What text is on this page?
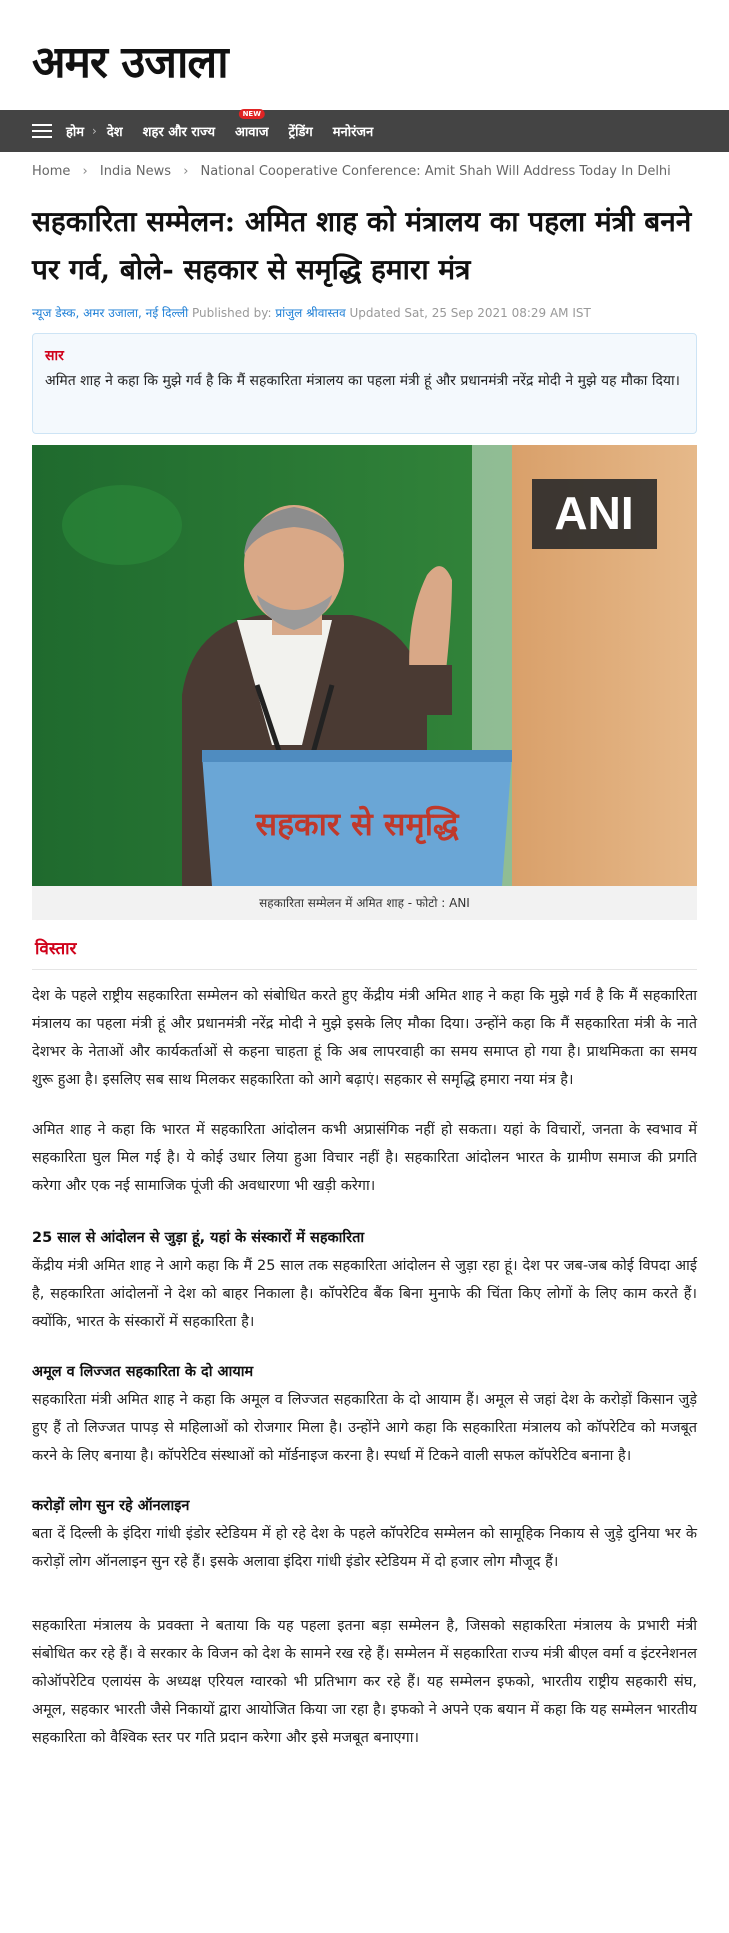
अमर उजाला
होम › देश शहर और राज्य
NEW
आवाज ट्रेंडिंग मनोरंजन
Home › India News › National Cooperative Conference: Amit Shah Will Address Today In Delhi
सहकारिता सम्मेलन: अमित शाह को मंत्रालय का पहला मंत्री बनने पर गर्व, बोले- सहकार से समृद्धि हमारा मंत्र
न्यूज डेस्क, अमर उजाला, नई दिल्ली Published by: प्रांजुल श्रीवास्तव Updated Sat, 25 Sep 2021 08:29 AM IST
सार
अमित शाह ने कहा कि मुझे गर्व है कि मैं सहकारिता मंत्रालय का पहला मंत्री हूं और प्रधानमंत्री नरेंद्र मोदी ने मुझे यह मौका दिया।
ANI
सहकार से समृद्धि
सहकारिता सम्मेलन में अमित शाह - फोटो : ANI
विस्तार

देश के पहले राष्ट्रीय सहकारिता सम्मेलन को संबोधित करते हुए केंद्रीय मंत्री अमित शाह ने कहा कि मुझे गर्व है कि मैं सहकारिता मंत्रालय का पहला मंत्री हूं और प्रधानमंत्री नरेंद्र मोदी ने मुझे इसके लिए मौका दिया। उन्होंने कहा कि मैं सहकारिता मंत्री के नाते देशभर के नेताओं और कार्यकर्ताओं से कहना चाहता हूं कि अब लापरवाही का समय समाप्त हो गया है। प्राथमिकता का समय शुरू हुआ है। इसलिए सब साथ मिलकर सहकारिता को आगे बढ़ाएं। सहकार से समृद्धि हमारा नया मंत्र है।

अमित शाह ने कहा कि भारत में सहकारिता आंदोलन कभी अप्रासंगिक नहीं हो सकता। यहां के विचारों, जनता के स्वभाव में सहकारिता घुल मिल गई है। ये कोई उधार लिया हुआ विचार नहीं है। सहकारिता आंदोलन भारत के ग्रामीण समाज की प्रगति करेगा और एक नई सामाजिक पूंजी की अवधारणा भी खड़ी करेगा।

25 साल से आंदोलन से जुड़ा हूं, यहां के संस्कारों में सहकारिता

केंद्रीय मंत्री अमित शाह ने आगे कहा कि मैं 25 साल तक सहकारिता आंदोलन से जुड़ा रहा हूं। देश पर जब-जब कोई विपदा आई है, सहकारिता आंदोलनों ने देश को बाहर निकाला है। कॉपरेटिव बैंक बिना मुनाफे की चिंता किए लोगों के लिए काम करते हैं। क्योंकि, भारत के संस्कारों में सहकारिता है।

अमूल व लिज्जत सहकारिता के दो आयाम

सहकारिता मंत्री अमित शाह ने कहा कि अमूल व लिज्जत सहकारिता के दो आयाम हैं। अमूल से जहां देश के करोड़ों किसान जुड़े हुए हैं तो लिज्जत पापड़ से महिलाओं को रोजगार मिला है। उन्होंने आगे कहा कि सहकारिता मंत्रालय को कॉपरेटिव को मजबूत करने के लिए बनाया है। कॉपरेटिव संस्थाओं को मॉर्डनाइज करना है। स्पर्धा में टिकने वाली सफल कॉपरेटिव बनाना है।

करोड़ों लोग सुन रहे ऑनलाइन

बता दें दिल्ली के इंदिरा गांधी इंडोर स्टेडियम में हो रहे देश के पहले कॉपरेटिव सम्मेलन को सामूहिक निकाय से जुड़े दुनिया भर के करोड़ों लोग ऑनलाइन सुन रहे हैं। इसके अलावा इंदिरा गांधी इंडोर स्टेडियम में दो हजार लोग मौजूद हैं।

सहकारिता मंत्रालय के प्रवक्ता ने बताया कि यह पहला इतना बड़ा सम्मेलन है, जिसको सहाकरिता मंत्रालय के प्रभारी मंत्री संबोधित कर रहे हैं। वे सरकार के विजन को देश के सामने रख रहे हैं। सम्मेलन में सहकारिता राज्य मंत्री बीएल वर्मा व इंटरनेशनल कोऑपरेटिव एलायंस के अध्यक्ष एरियल ग्वारको भी प्रतिभाग कर रहे हैं। यह सम्मेलन इफको, भारतीय राष्ट्रीय सहकारी संघ, अमूल, सहकार भारती जैसे निकायों द्वारा आयोजित किया जा रहा है। इफको ने अपने एक बयान में कहा कि यह सम्मेलन भारतीय सहकारिता को वैश्विक स्तर पर गति प्रदान करेगा और इसे मजबूत बनाएगा।
